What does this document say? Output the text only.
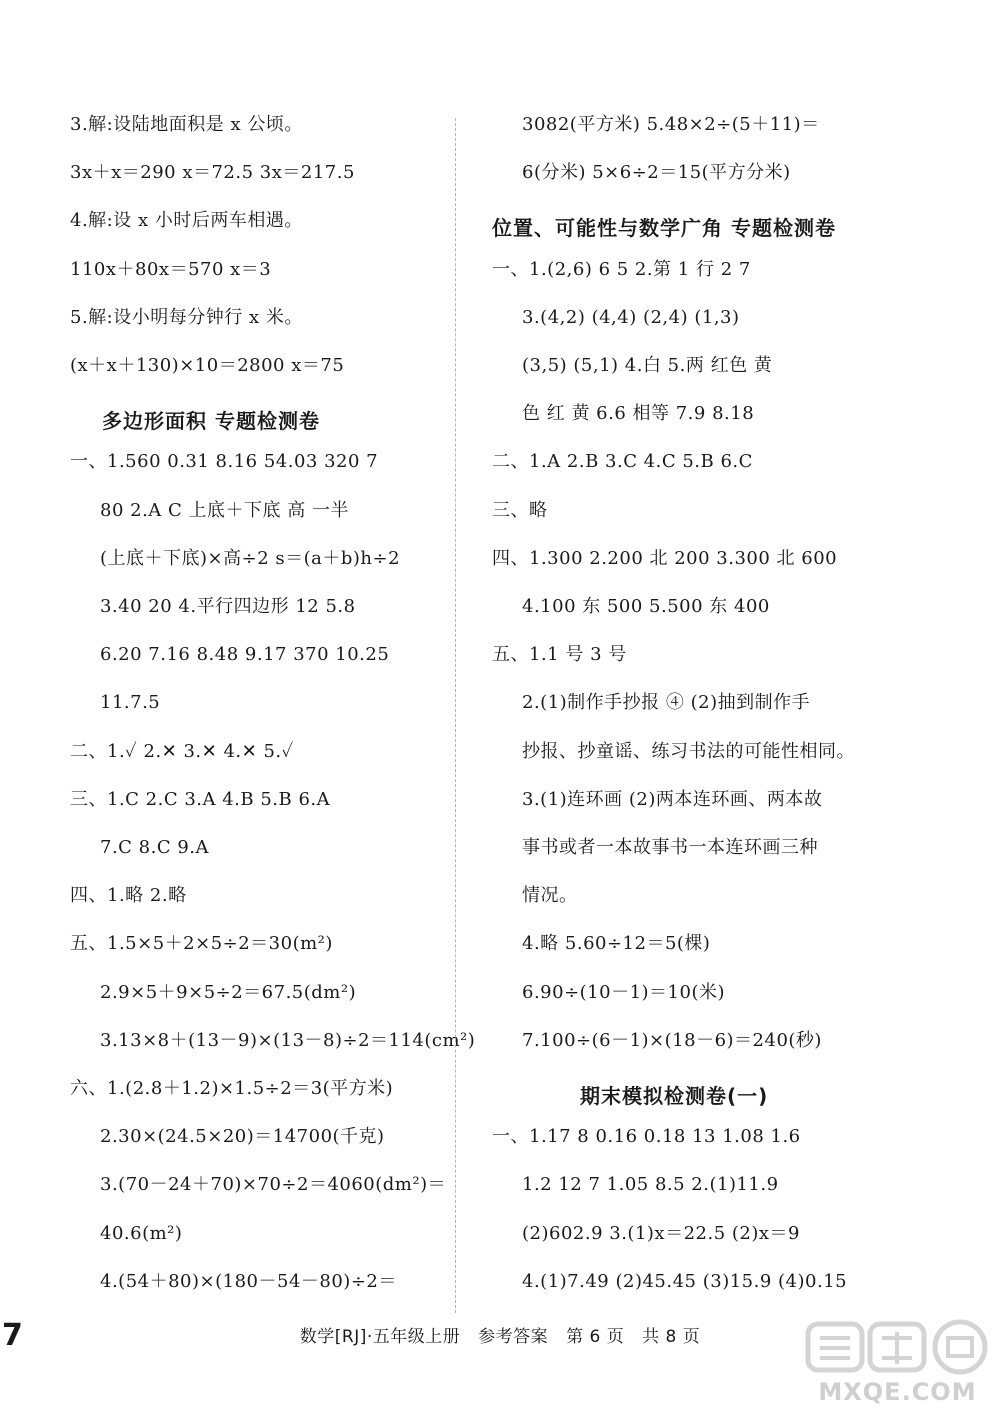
3.解:设陆地面积是 x 公顷。
3x＋x＝290 x＝72.5 3x＝217.5
4.解:设 x 小时后两车相遇。
110x＋80x＝570 x＝3
5.解:设小明每分钟行 x 米。
(x＋x＋130)×10＝2800 x＝75
多边形面积 专题检测卷
一、1.560 0.31 8.16 54.03 320 7
80 2.A C 上底＋下底 高 一半
(上底＋下底)×高÷2 s＝(a＋b)h÷2
3.40 20 4.平行四边形 12 5.8
6.20 7.16 8.48 9.17 370 10.25
11.7.5
二、1.✓ 2.✕ 3.✕ 4.✕ 5.✓
三、1.C 2.C 3.A 4.B 5.B 6.A
7.C 8.C 9.A
四、1.略 2.略
五、1.5×5＋2×5÷2＝30(m²)
2.9×5＋9×5÷2＝67.5(dm²)
3.13×8＋(13－9)×(13－8)÷2＝114(cm²)
六、1.(2.8＋1.2)×1.5÷2＝3(平方米)
2.30×(24.5×20)＝14700(千克)
3.(70－24＋70)×70÷2＝4060(dm²)＝
40.6(m²)
4.(54＋80)×(180－54－80)÷2＝
3082(平方米) 5.48×2÷(5＋11)＝
6(分米) 5×6÷2＝15(平方分米)
位置、可能性与数学广角 专题检测卷
一、1.(2,6) 6 5 2.第 1 行 2 7
3.(4,2) (4,4) (2,4) (1,3)
(3,5) (5,1) 4.白 5.两 红色 黄
色 红 黄 6.6 相等 7.9 8.18
二、1.A 2.B 3.C 4.C 5.B 6.C
三、略
四、1.300 2.200 北 200 3.300 北 600
4.100 东 500 5.500 东 400
五、1.1 号 3 号
2.(1)制作手抄报 ④ (2)抽到制作手
抄报、抄童谣、练习书法的可能性相同。
3.(1)连环画 (2)两本连环画、两本故
事书或者一本故事书一本连环画三种
情况。
4.略 5.60÷12＝5(棵)
6.90÷(10－1)＝10(米)
7.100÷(6－1)×(18－6)＝240(秒)
期末模拟检测卷(一)
一、1.17 8 0.16 0.18 13 1.08 1.6
1.2 12 7 1.05 8.5 2.(1)11.9
(2)602.9 3.(1)x＝22.5 (2)x＝9
4.(1)7.49 (2)45.45 (3)15.9 (4)0.15
7	数学[RJ]·五年级上册 参考答案 第 6 页 共 8 页
MXQE.COM
